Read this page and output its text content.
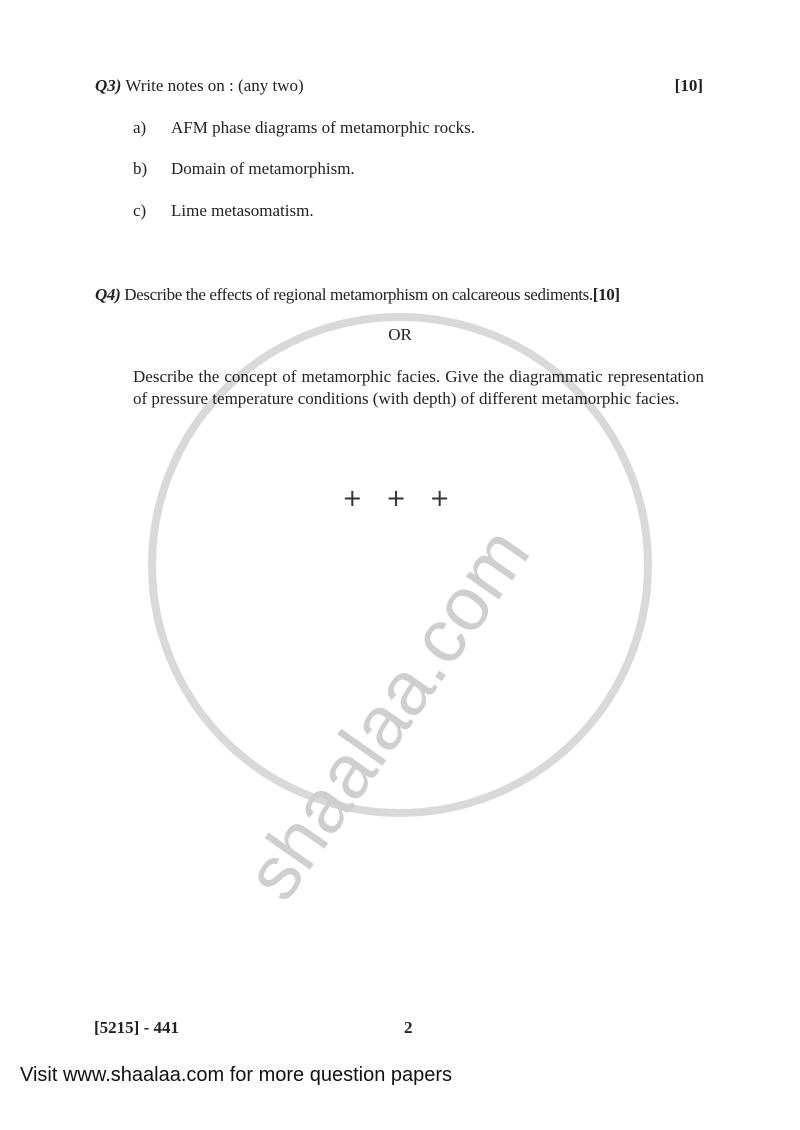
shaalaa.com
Q3) Write notes on : (any two)	[10]
a) AFM phase diagrams of metamorphic rocks.
b) Domain of metamorphism.
c) Lime metasomatism.
Q4) Describe the effects of regional metamorphism on calcareous sediments.[10]
OR
Describe the concept of metamorphic facies. Give the diagrammatic representation of pressure temperature conditions (with depth) of different metamorphic facies.
+ + +
[5215] - 441	2
Visit www.shaalaa.com for more question papers
